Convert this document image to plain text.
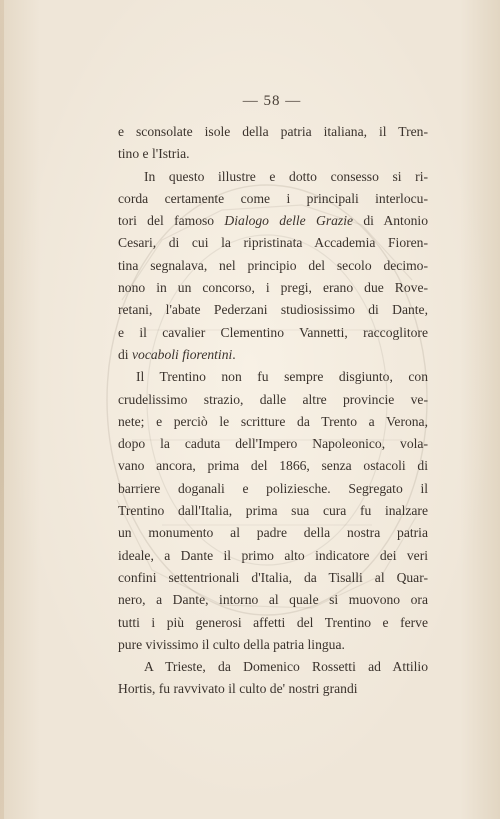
— 58 —
e sconsolate isole della patria italiana, il Tren-
tino e l'Istria.
In questo illustre e dotto consesso si ri-
corda certamente come i principali interlocu-
tori del famoso Dialogo delle Grazie di Antonio
Cesari, di cui la ripristinata Accademia Fioren-
tina segnalava, nel principio del secolo decimo-
nono in un concorso, i pregi, erano due Rove-
retani, l'abate Pederzani studiosissimo di Dante,
e il cavalier Clementino Vannetti, raccoglitore
di vocaboli fiorentini.
Il Trentino non fu sempre disgiunto, con
crudelissimo strazio, dalle altre provincie ve-
nete; e perciò le scritture da Trento a Verona,
dopo la caduta dell'Impero Napoleonico, vola-
vano ancora, prima del 1866, senza ostacoli di
barriere doganali e poliziesche. Segregato il
Trentino dall'Italia, prima sua cura fu inalzare
un monumento al padre della nostra patria
ideale, a Dante il primo alto indicatore dei veri
confini settentrionali d'Italia, da Tisalli al Quar-
nero, a Dante, intorno al quale si muovono ora
tutti i più generosi affetti del Trentino e ferve
pure vivissimo il culto della patria lingua.
A Trieste, da Domenico Rossetti ad Attilio
Hortis, fu ravvivato il culto de' nostri grandi
